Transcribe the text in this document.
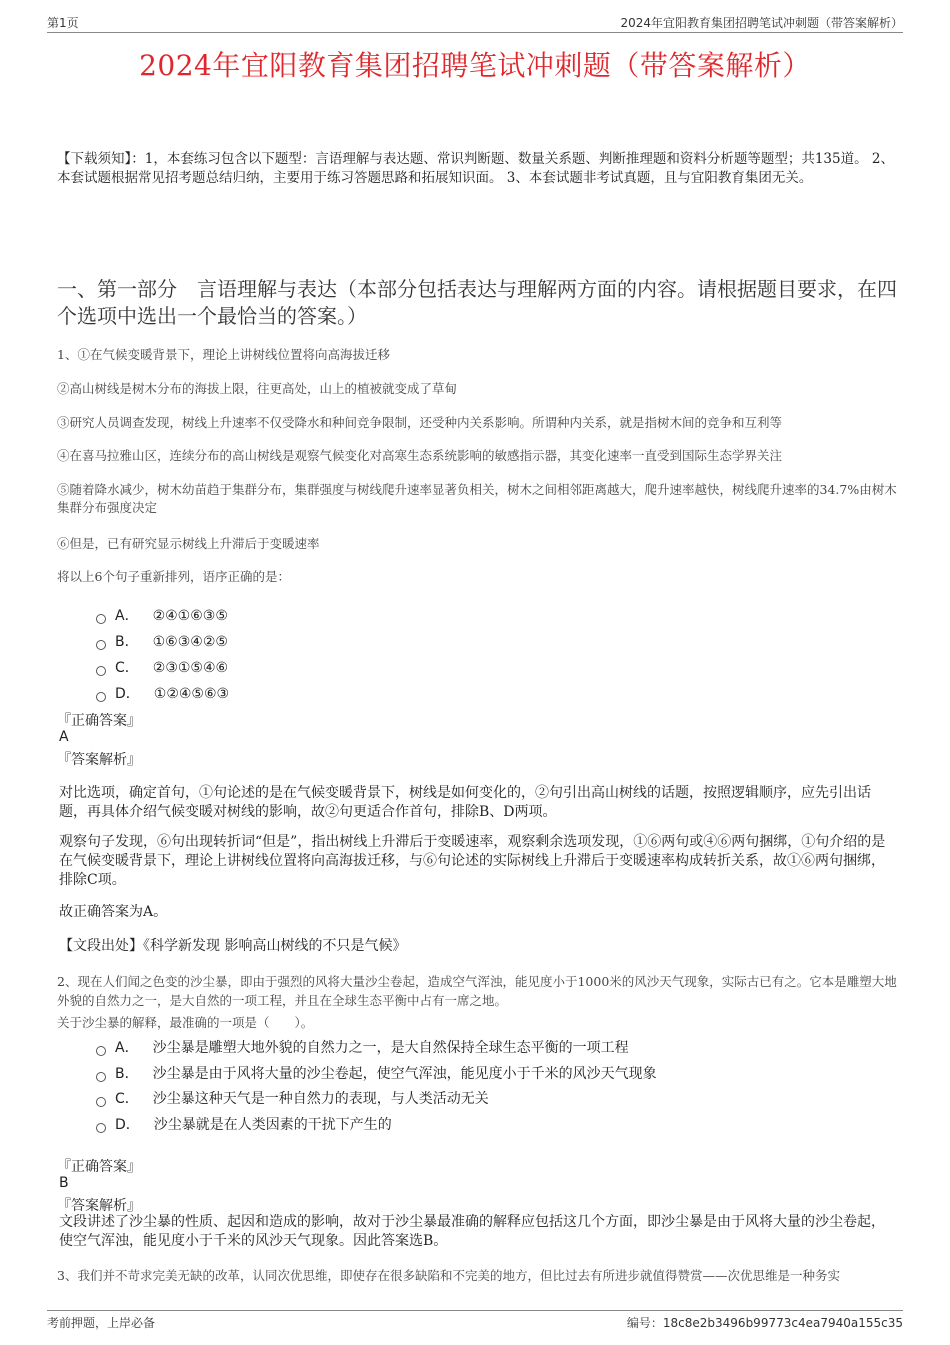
第1页	2024年宜阳教育集团招聘笔试冲刺题（带答案解析）
2024年宜阳教育集团招聘笔试冲刺题（带答案解析）
【下载须知】：1，本套练习包含以下题型：言语理解与表达题、常识判断题、数量关系题、判断推理题和资料分析题等题型；共135道。 2、本套试题根据常见招考题总结归纳，主要用于练习答题思路和拓展知识面。 3、本套试题非考试真题，且与宜阳教育集团无关。
一、第一部分　言语理解与表达（本部分包括表达与理解两方面的内容。请根据题目要求，在四个选项中选出一个最恰当的答案。）
1、①在气候变暖背景下，理论上讲树线位置将向高海拔迁移
②高山树线是树木分布的海拔上限，往更高处，山上的植被就变成了草甸
③研究人员调查发现，树线上升速率不仅受降水和种间竞争限制，还受种内关系影响。所谓种内关系，就是指树木间的竞争和互利等
④在喜马拉雅山区，连续分布的高山树线是观察气候变化对高寒生态系统影响的敏感指示器，其变化速率一直受到国际生态学界关注
⑤随着降水减少，树木幼苗趋于集群分布，集群强度与树线爬升速率显著负相关，树木之间相邻距离越大，爬升速率越快，树线爬升速率的34.7%由树木集群分布强度决定
⑥但是，已有研究显示树线上升滞后于变暖速率
将以上6个句子重新排列，语序正确的是：
A． ②④①⑥③⑤
B． ①⑥③④②⑤
C． ②③①⑤④⑥
D． ①②④⑤⑥③
『正确答案』
A
『答案解析』
对比选项，确定首句，①句论述的是在气候变暖背景下，树线是如何变化的，②句引出高山树线的话题，按照逻辑顺序，应先引出话题，再具体介绍气候变暖对树线的影响，故②句更适合作首句，排除B、D两项。
观察句子发现，⑥句出现转折词“但是”，指出树线上升滞后于变暖速率，观察剩余选项发现，①⑥两句或④⑥两句捆绑，①句介绍的是在气候变暖背景下，理论上讲树线位置将向高海拔迁移，与⑥句论述的实际树线上升滞后于变暖速率构成转折关系，故①⑥两句捆绑，排除C项。
故正确答案为A。
【文段出处】《科学新发现 影响高山树线的不只是气候》
2、现在人们闻之色变的沙尘暴，即由于强烈的风将大量沙尘卷起，造成空气浑浊，能见度小于1000米的风沙天气现象，实际古已有之。它本是雕塑大地外貌的自然力之一，是大自然的一项工程，并且在全球生态平衡中占有一席之地。
关于沙尘暴的解释，最准确的一项是（　　）。
A． 沙尘暴是雕塑大地外貌的自然力之一，是大自然保持全球生态平衡的一项工程
B． 沙尘暴是由于风将大量的沙尘卷起，使空气浑浊，能见度小于千米的风沙天气现象
C． 沙尘暴这种天气是一种自然力的表现，与人类活动无关
D． 沙尘暴就是在人类因素的干扰下产生的
『正确答案』
B
『答案解析』
文段讲述了沙尘暴的性质、起因和造成的影响，故对于沙尘暴最准确的解释应包括这几个方面，即沙尘暴是由于风将大量的沙尘卷起，使空气浑浊，能见度小于千米的风沙天气现象。因此答案选B。
3、我们并不苛求完美无缺的改革，认同次优思维，即使存在很多缺陷和不完美的地方，但比过去有所进步就值得赞赏——次优思维是一种务实
考前押题，上岸必备	编号：18c8e2b3496b99773c4ea7940a155c35
